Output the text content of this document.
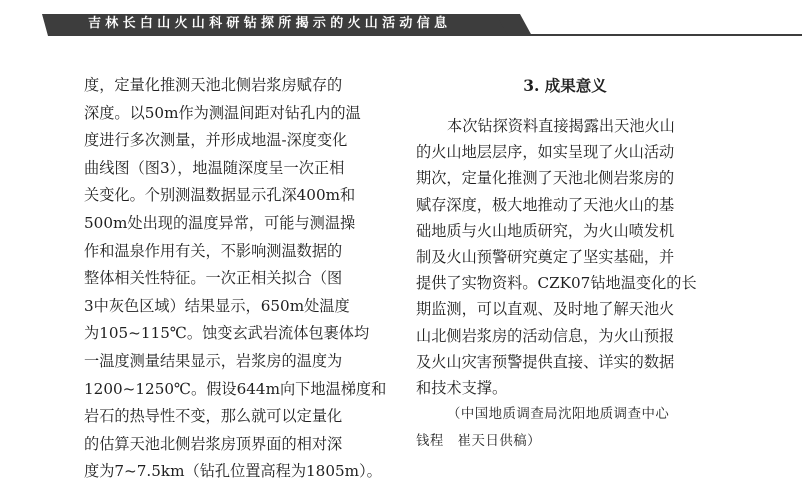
吉林长白山火山科研钻探所揭示的火山活动信息
度，定量化推测天池北侧岩浆房赋存的
深度。以50m作为测温间距对钻孔内的温
度进行多次测量，并形成地温-深度变化
曲线图（图3），地温随深度呈一次正相
关变化。个别测温数据显示孔深400m和
500m处出现的温度异常，可能与测温操
作和温泉作用有关，不影响测温数据的
整体相关性特征。一次正相关拟合（图
3中灰色区域）结果显示，650m处温度
为105~115℃。蚀变玄武岩流体包裹体均
一温度测量结果显示，岩浆房的温度为
1200~1250℃。假设644m向下地温梯度和
岩石的热导性不变，那么就可以定量化
的估算天池北侧岩浆房顶界面的相对深
度为7~7.5km（钻孔位置高程为1805m）。
3. 成果意义
本次钻探资料直接揭露出天池火山
的火山地层层序，如实呈现了火山活动
期次，定量化推测了天池北侧岩浆房的
赋存深度，极大地推动了天池火山的基
础地质与火山地质研究，为火山喷发机
制及火山预警研究奠定了坚实基础，并
提供了实物资料。CZK07钻地温变化的长
期监测，可以直观、及时地了解天池火
山北侧岩浆房的活动信息，为火山预报
及火山灾害预警提供直接、详实的数据
和技术支撑。
（中国地质调查局沈阳地质调查中心
钱程　崔天日供稿）
